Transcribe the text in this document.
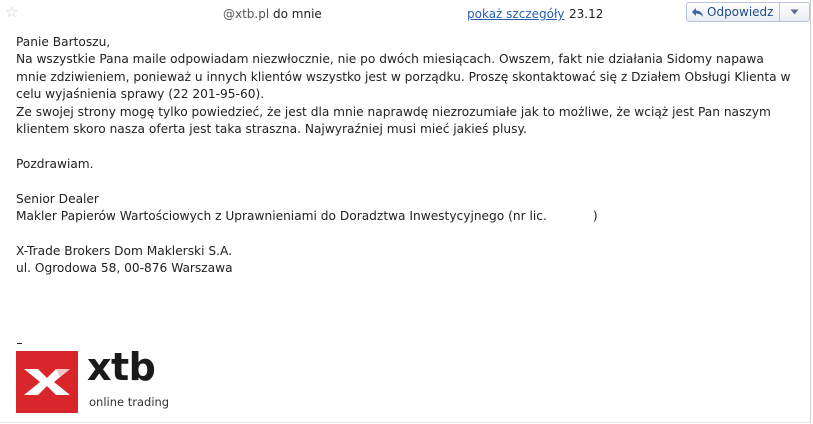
☆	@xtb.pl do mnie	pokaż szczegóły 23.12	Odpowiedz

Panie Bartoszu,

Na wszystkie Pana maile odpowiadam niezwłocznie, nie po dwóch miesiącach. Owszem, fakt nie działania Sidomy napawa mnie zdziwieniem, ponieważ u innych klientów wszystko jest w porządku. Proszę skontaktować się z Działem Obsługi Klienta w celu wyjaśnienia sprawy (22 201-95-60).

Ze swojej strony mogę tylko powiedzieć, że jest dla mnie naprawdę niezrozumiałe jak to możliwe, że wciąż jest Pan naszym klientem skoro nasza oferta jest taka straszna. Najwyraźniej musi mieć jakieś plusy.

Pozdrawiam.

Senior Dealer

Makler Papierów Wartościowych z Uprawnieniami do Doradztwa Inwestycyjnego (nr lic.	)

X-Trade Brokers Dom Maklerski S.A.

ul. Ogrodowa 58, 00-876 Warszawa

xtb
online trading
